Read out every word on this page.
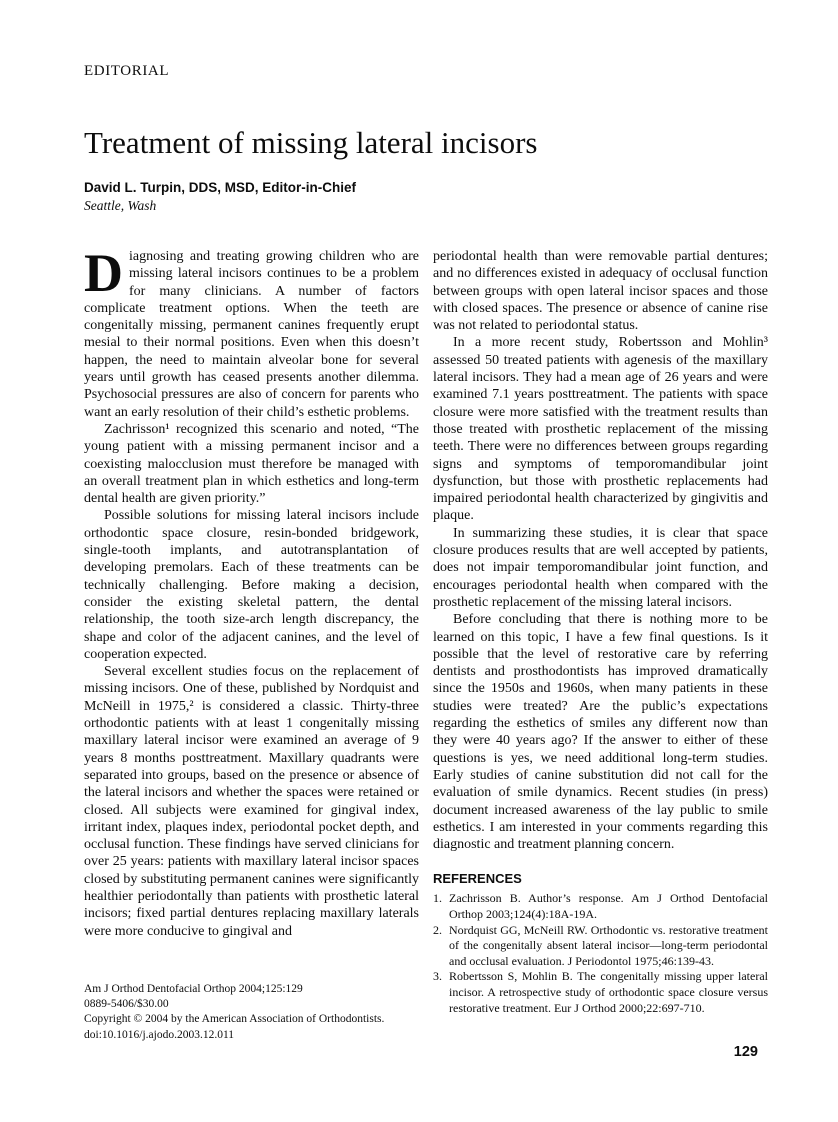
EDITORIAL
Treatment of missing lateral incisors
David L. Turpin, DDS, MSD, Editor-in-Chief
Seattle, Wash

Diagnosing and treating growing children who are missing lateral incisors continues to be a problem for many clinicians. A number of factors complicate treatment options. When the teeth are congenitally missing, permanent canines frequently erupt mesial to their normal positions. Even when this doesn’t happen, the need to maintain alveolar bone for several years until growth has ceased presents another dilemma. Psychosocial pressures are also of concern for parents who want an early resolution of their child’s esthetic problems.

Zachrisson¹ recognized this scenario and noted, “The young patient with a missing permanent incisor and a coexisting malocclusion must therefore be managed with an overall treatment plan in which esthetics and long-term dental health are given priority.”

Possible solutions for missing lateral incisors include orthodontic space closure, resin-bonded bridgework, single-tooth implants, and autotransplantation of developing premolars. Each of these treatments can be technically challenging. Before making a decision, consider the existing skeletal pattern, the dental relationship, the tooth size-arch length discrepancy, the shape and color of the adjacent canines, and the level of cooperation expected.

Several excellent studies focus on the replacement of missing incisors. One of these, published by Nordquist and McNeill in 1975,² is considered a classic. Thirty-three orthodontic patients with at least 1 congenitally missing maxillary lateral incisor were examined an average of 9 years 8 months posttreatment. Maxillary quadrants were separated into groups, based on the presence or absence of the lateral incisors and whether the spaces were retained or closed. All subjects were examined for gingival index, irritant index, plaques index, periodontal pocket depth, and occlusal function. These findings have served clinicians for over 25 years: patients with maxillary lateral incisor spaces closed by substituting permanent canines were significantly healthier periodontally than patients with prosthetic lateral incisors; fixed partial dentures replacing maxillary laterals were more conducive to gingival and

periodontal health than were removable partial dentures; and no differences existed in adequacy of occlusal function between groups with open lateral incisor spaces and those with closed spaces. The presence or absence of canine rise was not related to periodontal status.

In a more recent study, Robertsson and Mohlin³ assessed 50 treated patients with agenesis of the maxillary lateral incisors. They had a mean age of 26 years and were examined 7.1 years posttreatment. The patients with space closure were more satisfied with the treatment results than those treated with prosthetic replacement of the missing teeth. There were no differences between groups regarding signs and symptoms of temporomandibular joint dysfunction, but those with prosthetic replacements had impaired periodontal health characterized by gingivitis and plaque.

In summarizing these studies, it is clear that space closure produces results that are well accepted by patients, does not impair temporomandibular joint function, and encourages periodontal health when compared with the prosthetic replacement of the missing lateral incisors.

Before concluding that there is nothing more to be learned on this topic, I have a few final questions. Is it possible that the level of restorative care by referring dentists and prosthodontists has improved dramatically since the 1950s and 1960s, when many patients in these studies were treated? Are the public’s expectations regarding the esthetics of smiles any different now than they were 40 years ago? If the answer to either of these questions is yes, we need additional long-term studies. Early studies of canine substitution did not call for the evaluation of smile dynamics. Recent studies (in press) document increased awareness of the lay public to smile esthetics. I am interested in your comments regarding this diagnostic and treatment planning concern.

REFERENCES
1. Zachrisson B. Author’s response. Am J Orthod Dentofacial Orthop 2003;124(4):18A-19A.
2. Nordquist GG, McNeill RW. Orthodontic vs. restorative treatment of the congenitally absent lateral incisor—long-term periodontal and occlusal evaluation. J Periodontol 1975;46:139-43.
3. Robertsson S, Mohlin B. The congenitally missing upper lateral incisor. A retrospective study of orthodontic space closure versus restorative treatment. Eur J Orthod 2000;22:697-710.
Am J Orthod Dentofacial Orthop 2004;125:129
0889-5406/$30.00
Copyright © 2004 by the American Association of Orthodontists.
doi:10.1016/j.ajodo.2003.12.011
129
